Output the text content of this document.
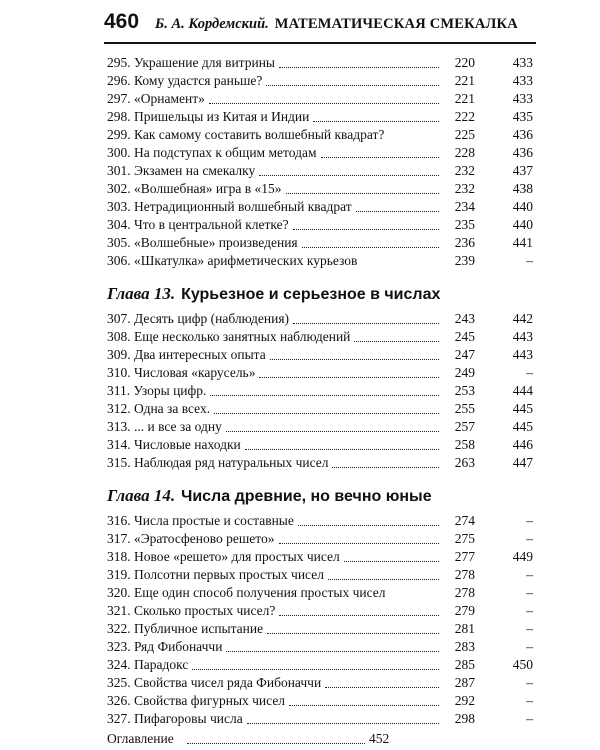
460 Б. А. Кордемский. МАТЕМАТИЧЕСКАЯ СМЕКАЛКА
295. Украшение для витрины	220	433
296. Кому удастся раньше?	221	433
297. «Орнамент»	221	433
298. Пришельцы из Китая и Индии	222	435
299. Как самому составить волшебный квадрат?	225	436
300. На подступах к общим методам	228	436
301. Экзамен на смекалку	232	437
302. «Волшебная» игра в «15»	232	438
303. Нетрадиционный волшебный квадрат	234	440
304. Что в центральной клетке?	235	440
305. «Волшебные» произведения	236	441
306. «Шкатулка» арифметических курьезов	239	–
Глава 13. Курьезное и серьезное в числах
307. Десять цифр (наблюдения)	243	442
308. Еще несколько занятных наблюдений	245	443
309. Два интересных опыта	247	443
310. Числовая «карусель»	249	–
311. Узоры цифр.	253	444
312. Одна за всех.	255	445
313. ... и все за одну	257	445
314. Числовые находки	258	446
315. Наблюдая ряд натуральных чисел	263	447
Глава 14. Числа древние, но вечно юные
316. Числа простые и составные	274	–
317. «Эратосфеново решето»	275	–
318. Новое «решето» для простых чисел	277	449
319. Полсотни первых простых чисел	278	–
320. Еще один способ получения простых чисел	278	–
321. Сколько простых чисел?	279	–
322. Публичное испытание	281	–
323. Ряд Фибоначчи	283	–
324. Парадокс	285	450
325. Свойства чисел ряда Фибоначчи	287	–
326. Свойства фигурных чисел	292	–
327. Пифагоровы числа	298	–
Оглавление	452
